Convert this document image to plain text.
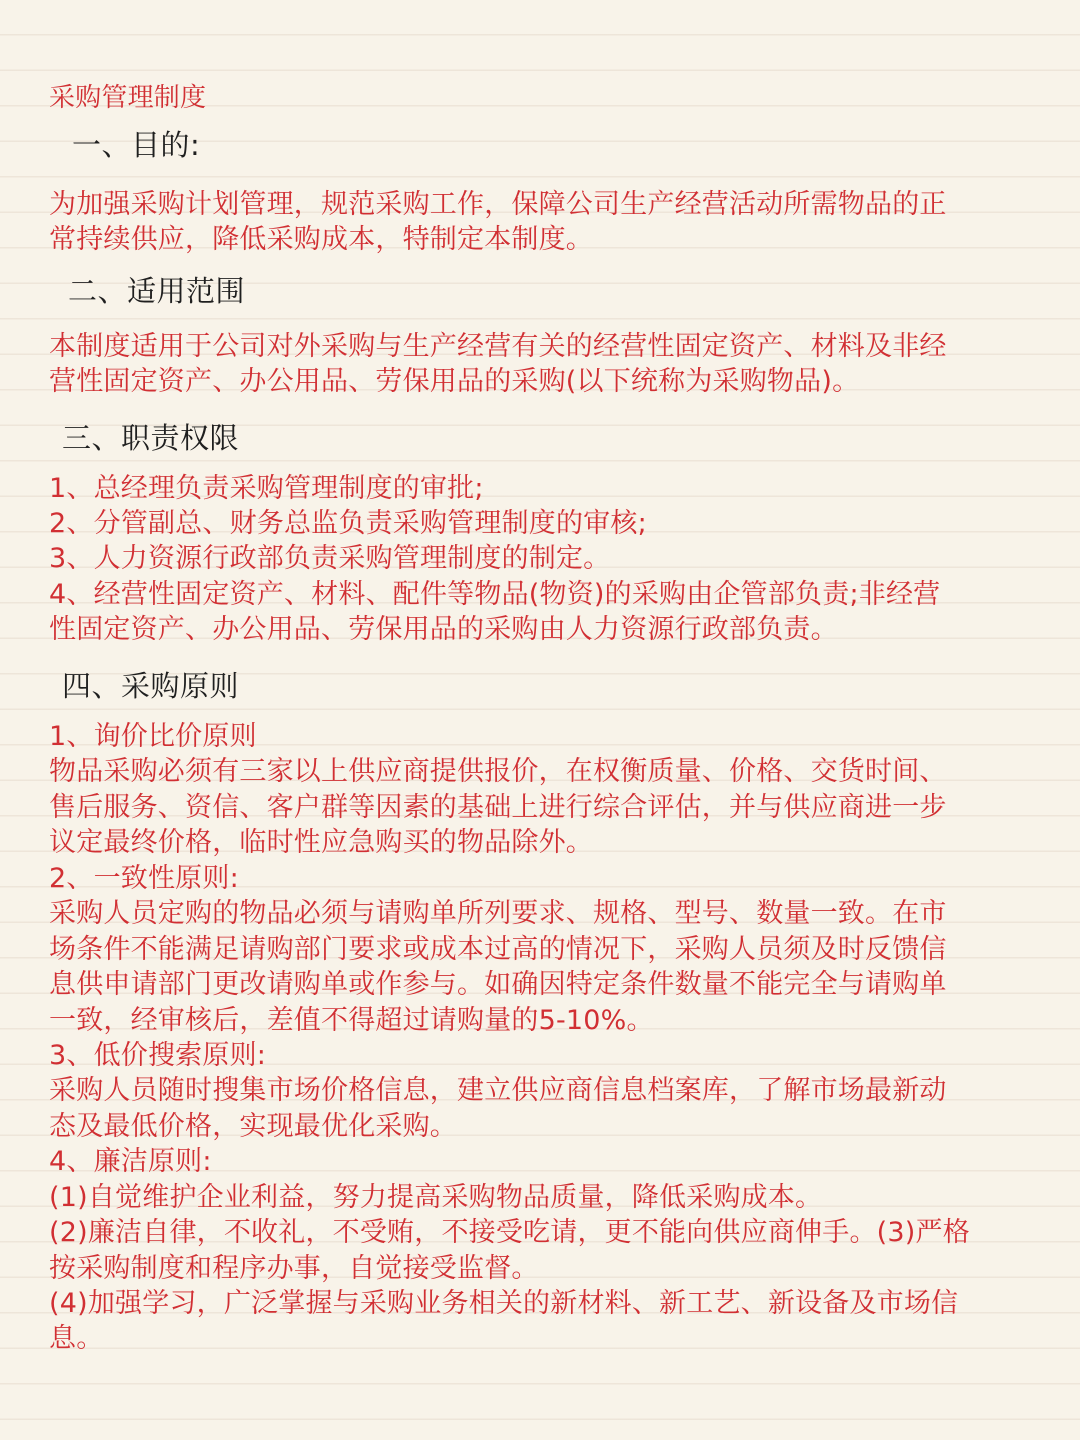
采购管理制度
一、目的:
为加强采购计划管理，规范采购工作，保障公司生产经营活动所需物品的正
常持续供应，降低采购成本，特制定本制度。
二、适用范围
本制度适用于公司对外采购与生产经营有关的经营性固定资产、材料及非经
营性固定资产、办公用品、劳保用品的采购(以下统称为采购物品)。
三、职责权限
1、总经理负责采购管理制度的审批;
2、分管副总、财务总监负责采购管理制度的审核;
3、人力资源行政部负责采购管理制度的制定。
4、经营性固定资产、材料、配件等物品(物资)的采购由企管部负责;非经营
性固定资产、办公用品、劳保用品的采购由人力资源行政部负责。
四、采购原则
1、询价比价原则
物品采购必须有三家以上供应商提供报价，在权衡质量、价格、交货时间、
售后服务、资信、客户群等因素的基础上进行综合评估，并与供应商进一步
议定最终价格，临时性应急购买的物品除外。
2、一致性原则:
采购人员定购的物品必须与请购单所列要求、规格、型号、数量一致。在市
场条件不能满足请购部门要求或成本过高的情况下，采购人员须及时反馈信
息供申请部门更改请购单或作参与。如确因特定条件数量不能完全与请购单
一致，经审核后，差值不得超过请购量的5-10%。
3、低价搜索原则:
采购人员随时搜集市场价格信息，建立供应商信息档案库，了解市场最新动
态及最低价格，实现最优化采购。
4、廉洁原则:
(1)自觉维护企业利益，努力提高采购物品质量，降低采购成本。
(2)廉洁自律，不收礼，不受贿，不接受吃请，更不能向供应商伸手。(3)严格
按采购制度和程序办事，自觉接受监督。
(4)加强学习，广泛掌握与采购业务相关的新材料、新工艺、新设备及市场信
息。
